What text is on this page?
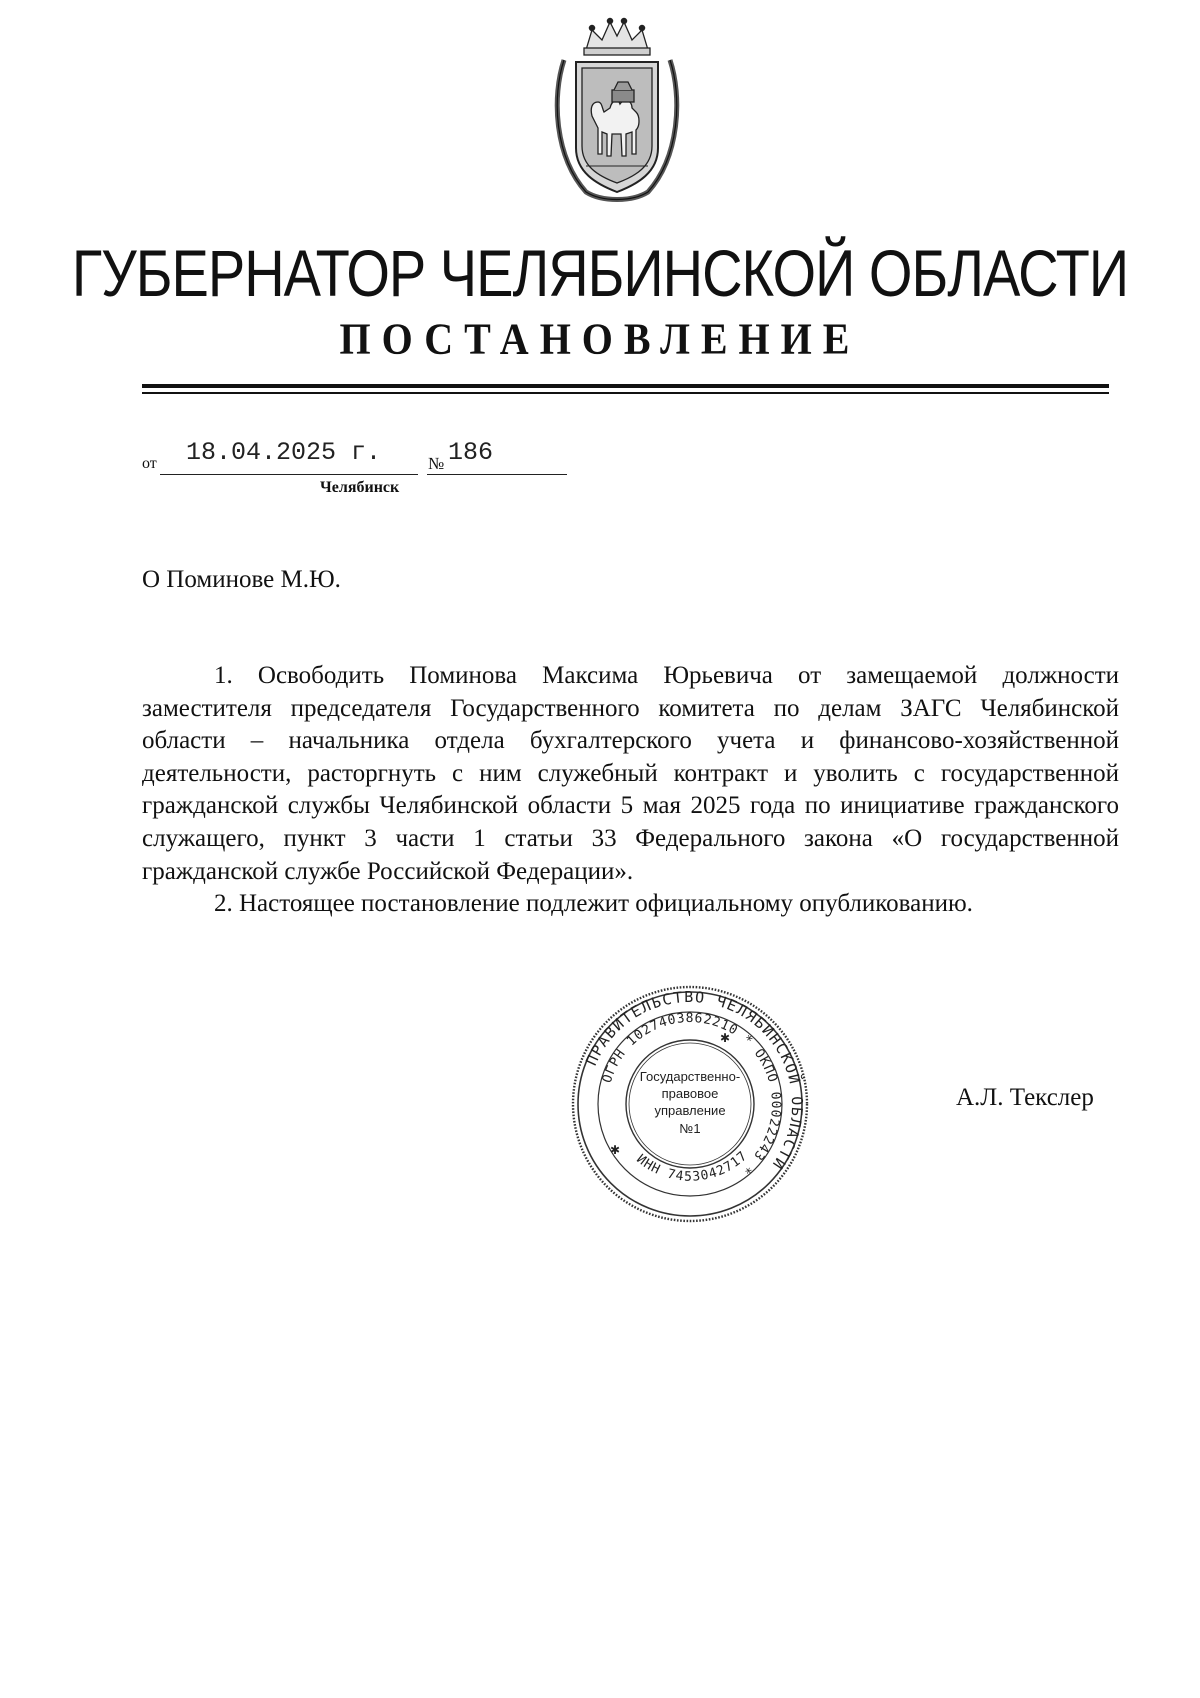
ГУБЕРНАТОР ЧЕЛЯБИНСКОЙ ОБЛАСТИ
ПОСТАНОВЛЕНИЕ
от 18.04.2025 г.	№ 186
Челябинск
О Поминове М.Ю.

1. Освободить Поминова Максима Юрьевича от замещаемой должности заместителя председателя Государственного комитета по делам ЗАГС Челябинской области – начальника отдела бухгалтерского учета и финансово-хозяйственной деятельности, расторгнуть с ним служебный контракт и уволить с государственной гражданской службы Челябинской области 5 мая 2025 года по инициативе гражданского служащего, пункт 3 части 1 статьи 33 Федерального закона «О государственной гражданской службе Российской Федерации».

2. Настоящее постановление подлежит официальному опубликованию.

ПРАВИТЕЛЬСТВО ЧЕЛЯБИНСКОЙ ОБЛАСТИ
ОГРН 1027403862210 * ОКПО 00022243 *
ИНН 7453042717
Государственно-
правовое
управление
№1
✱
✱
А.Л. Текслер
